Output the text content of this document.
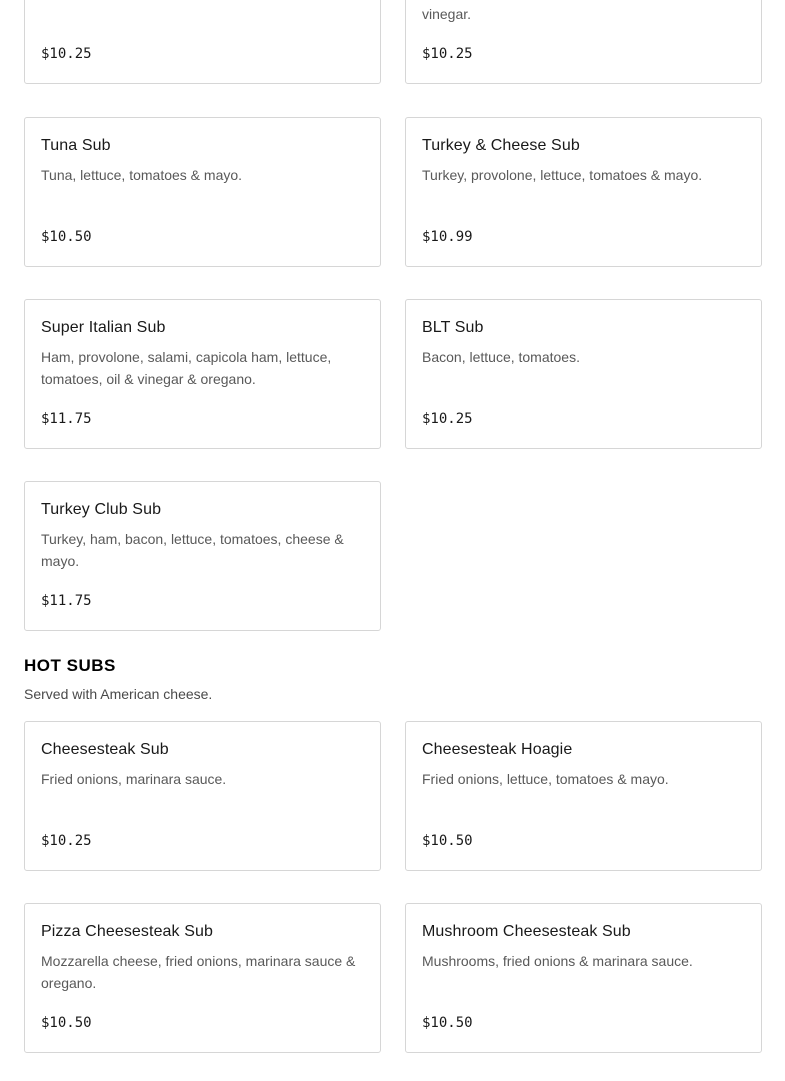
$10.25
vinegar.
$10.25
Tuna Sub
Tuna, lettuce, tomatoes & mayo.
$10.50
Turkey & Cheese Sub
Turkey, provolone, lettuce, tomatoes & mayo.
$10.99
Super Italian Sub
Ham, provolone, salami, capicola ham, lettuce, tomatoes, oil & vinegar & oregano.
$11.75
BLT Sub
Bacon, lettuce, tomatoes.
$10.25
Turkey Club Sub
Turkey, ham, bacon, lettuce, tomatoes, cheese & mayo.
$11.75
HOT SUBS
Served with American cheese.
Cheesesteak Sub
Fried onions, marinara sauce.
$10.25
Cheesesteak Hoagie
Fried onions, lettuce, tomatoes & mayo.
$10.50
Pizza Cheesesteak Sub
Mozzarella cheese, fried onions, marinara sauce & oregano.
$10.50
Mushroom Cheesesteak Sub
Mushrooms, fried onions & marinara sauce.
$10.50
